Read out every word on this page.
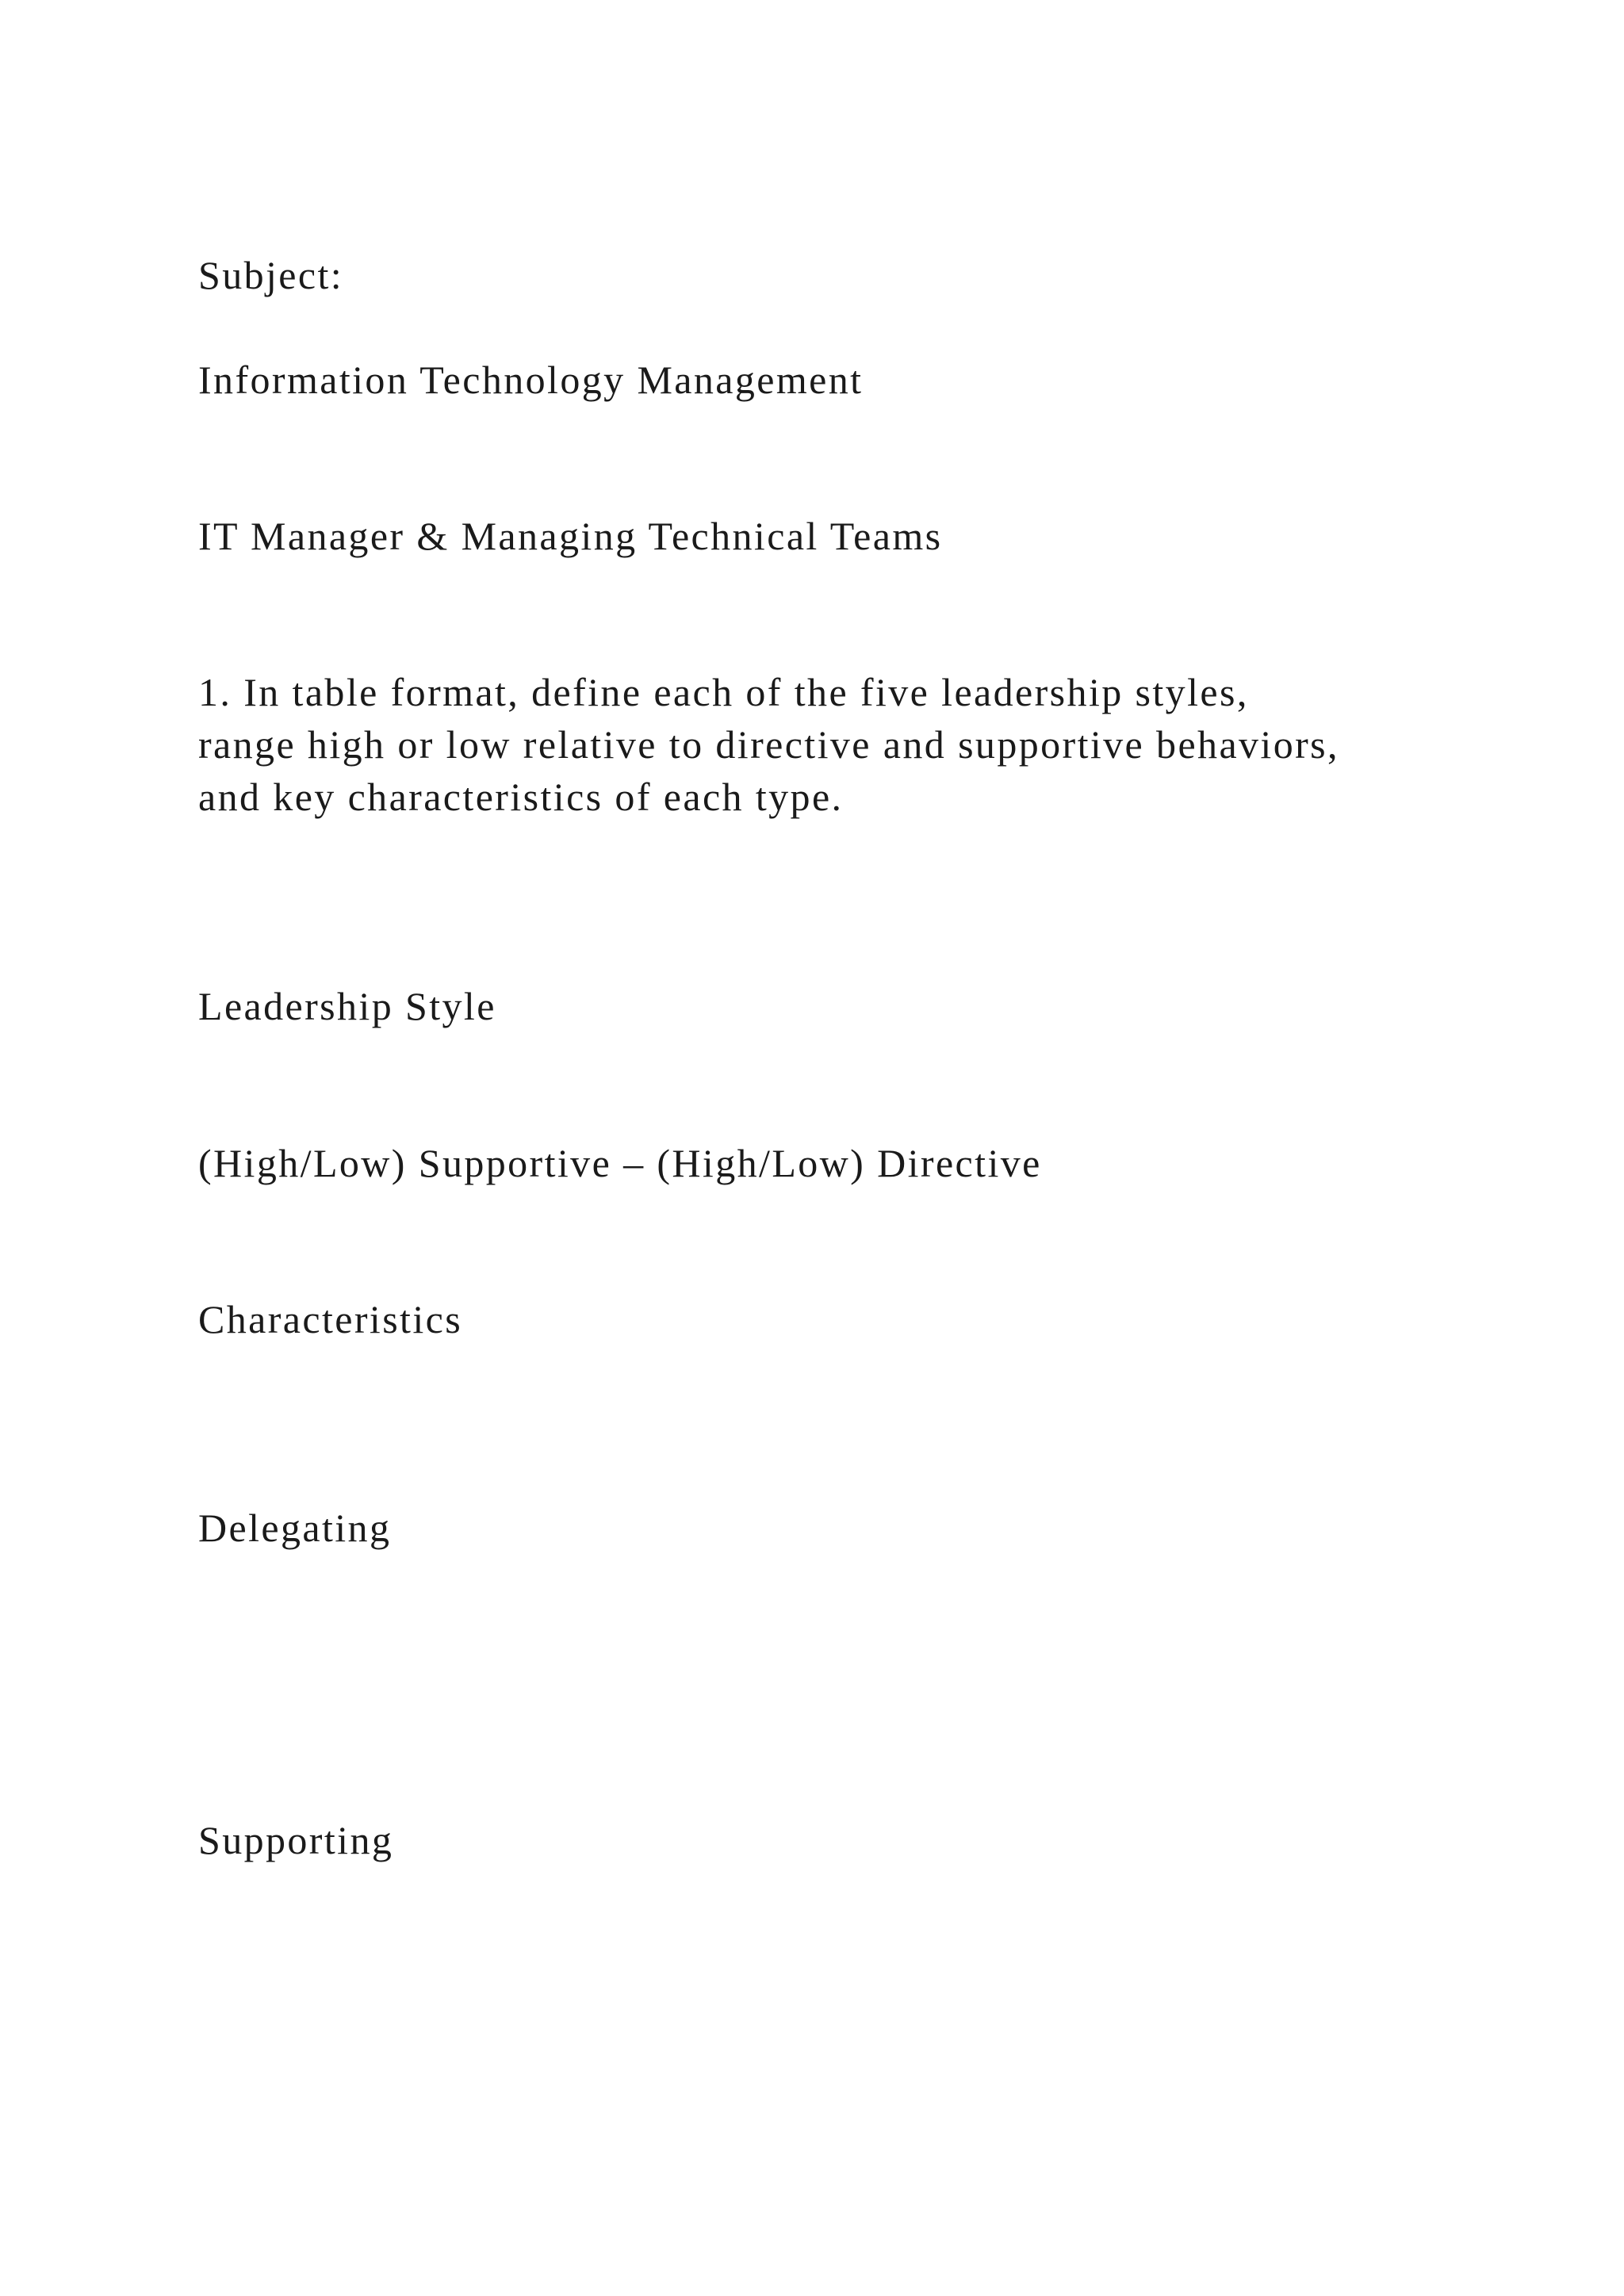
Subject:

Information Technology Management

IT Manager & Managing Technical Teams

1. In table format, define each of the five leadership styles,
range high or low relative to directive and supportive behaviors,
and key characteristics of each type.

Leadership Style

(High/Low) Supportive – (High/Low) Directive

Characteristics

Delegating

Supporting
